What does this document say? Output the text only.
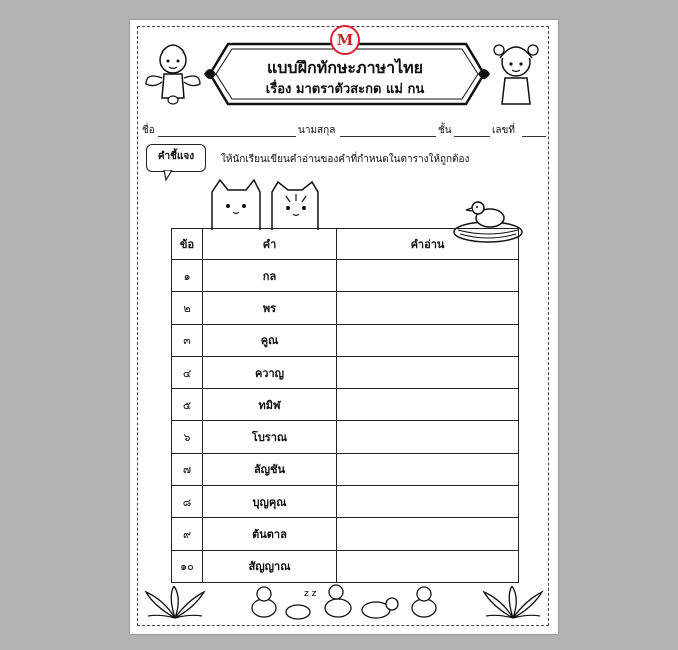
M
แบบฝึกทักษะภาษาไทย
เรื่อง มาตราตัวสะกด แม่ กน
ชื่อ	นามสกุล	ชั้น	เลขที่
คำชี้แจง	ให้นักเรียนเขียนคำอ่านของคำที่กำหนดในตารางให้ถูกต้อง
ข้อ	คำ	คำอ่าน
๑	กล	
๒	พร	
๓	คูณ	
๔	ควาญ	
๕	ทมิฬ	
๖	โบราณ	
๗	ลัญชัน	
๘	บุญคุณ	
๙	ต้นตาล	
๑๐	สัญญาณ	
z z
